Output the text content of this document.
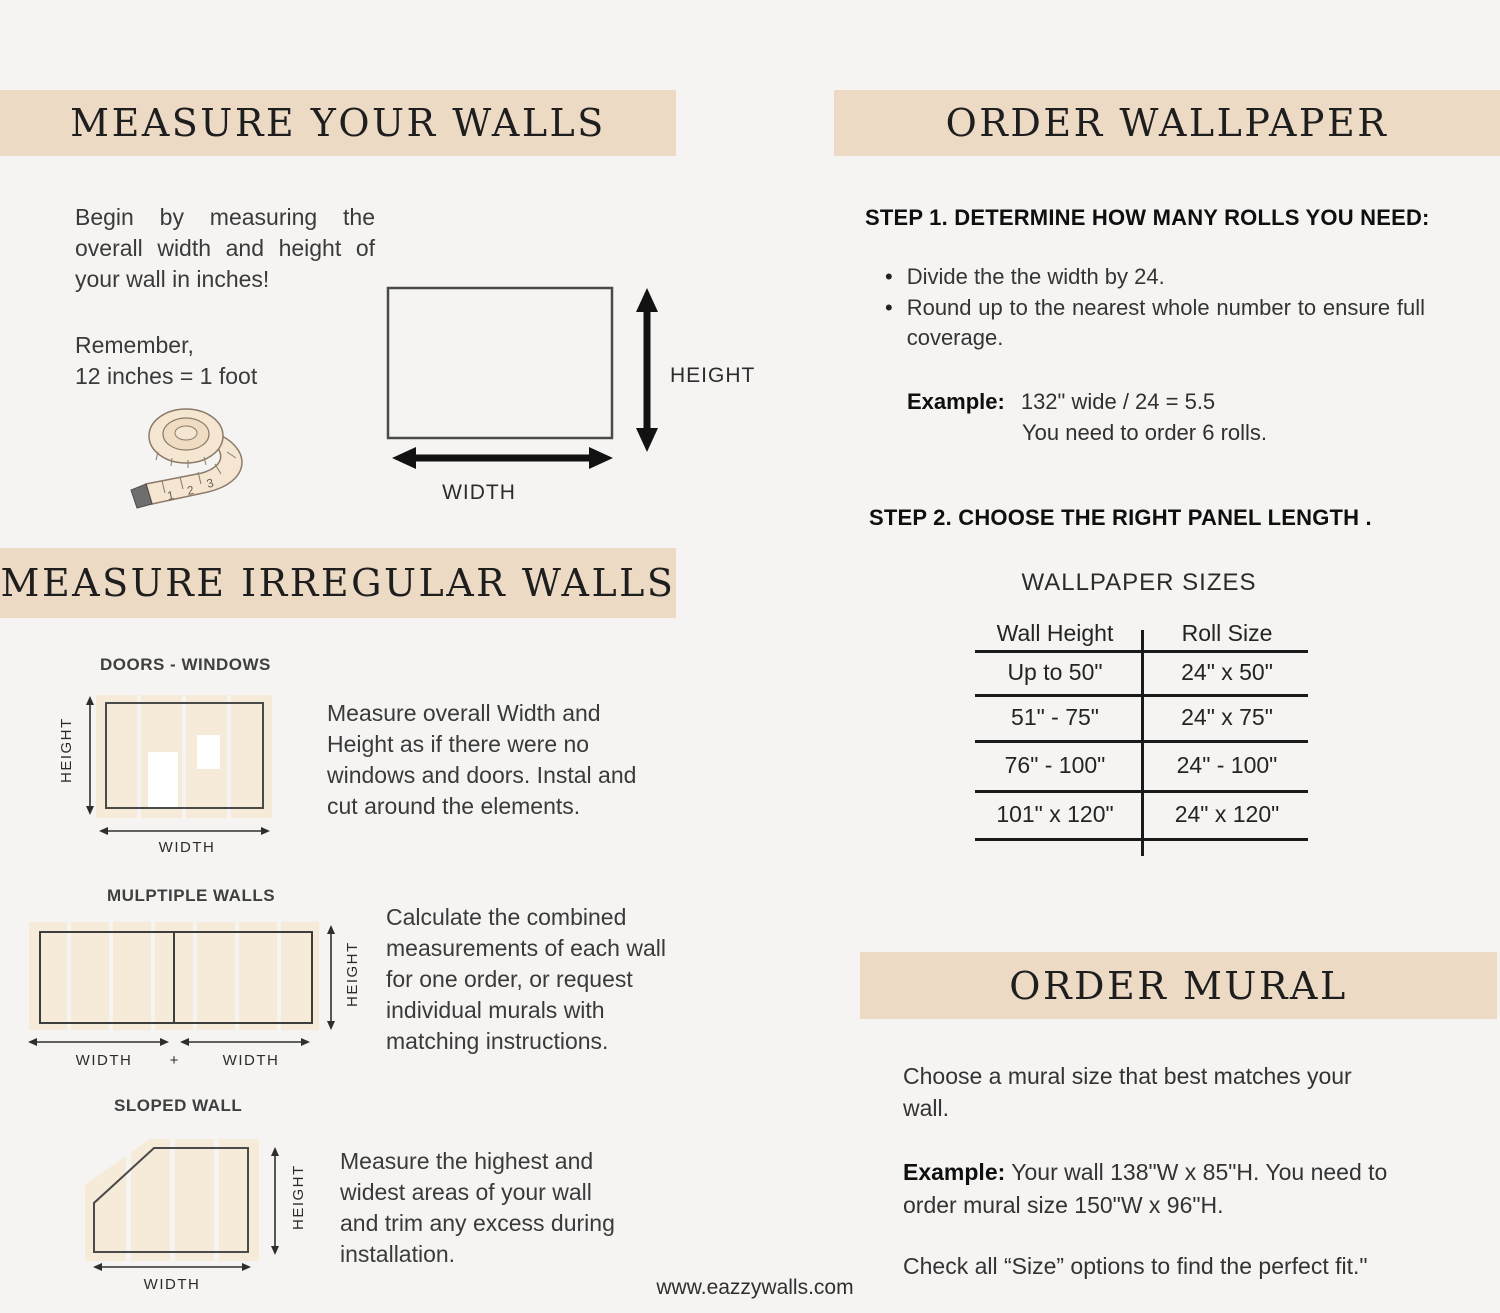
MEASURE YOUR WALLS
Begin by measuring the overall width and height of your wall in inches!
Remember,
12 inches = 1 foot
1 2 3
HEIGHT
WIDTH
MEASURE IRREGULAR WALLS
DOORS - WINDOWS
HEIGHT
WIDTH
Measure overall Width and Height as if there were no windows and doors. Instal and cut around the elements.
MULPTIPLE WALLS
HEIGHT
WIDTH +	WIDTH
Calculate the combined measurements of each wall for one order, or request individual murals with matching instructions.
SLOPED WALL
HEIGHT
WIDTH
Measure the highest and widest areas of your wall and trim any excess during installation.
ORDER WALLPAPER
STEP 1. DETERMINE HOW MANY ROLLS YOU NEED:
• Divide the the width by 24.
• Round up to the nearest whole number to ensure full coverage.
Example: 132" wide / 24 = 5.5
You need to order 6 rolls.
STEP 2. CHOOSE THE RIGHT PANEL LENGTH .
WALLPAPER SIZES
Wall Height	Roll Size
Up to 50"	24" x 50"
51" - 75"	24" x 75"
76" - 100"	24" - 100"
101" x 120"	24" x 120"
ORDER MURAL
Choose a mural size that best matches your wall.
Example: Your wall 138"W x 85"H. You need to order mural size 150"W x 96"H.
Check all “Size” options to find the perfect fit."
www.eazzywalls.com
